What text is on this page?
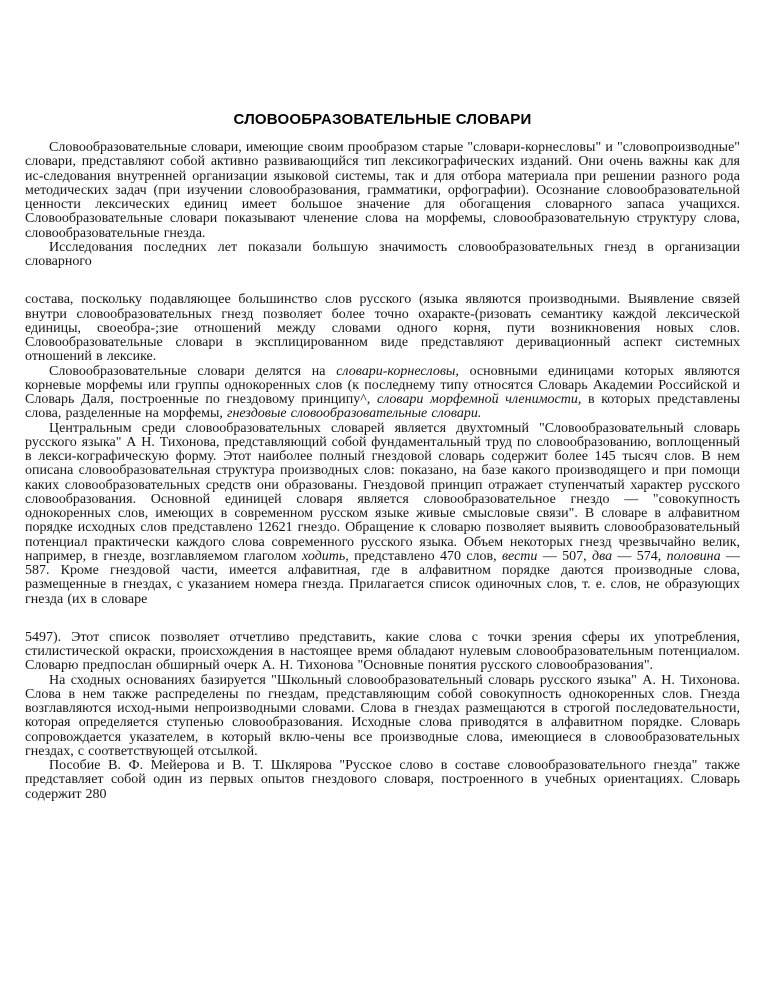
СЛОВООБРАЗОВАТЕЛЬНЫЕ СЛОВАРИ

Словообразовательные словари, имеющие своим прообразом старые "словари-корнесловы" и "словопроизводные" словари, представляют собой активно развивающийся тип лексикографических изданий. Они очень важны как для ис-следования внутренней организации языковой системы, так и для отбора материала при решении разного рода методических задач (при изучении словообразования, грамматики, орфографии). Осознание словообразовательной ценности лексических единиц имеет большое значение для обогащения словарного запаса учащихся. Словообразовательные словари показывают членение слова на морфемы, словообразовательную структуру слова, словообразовательные гнезда.

Исследования последних лет показали большую значимость словообразовательных гнезд в организации словарного

состава, поскольку подавляющее большинство слов русского (языка являются производными. Выявление связей внутри словообразовательных гнезд позволяет более точно охаракте-(ризовать семантику каждой лексической единицы, своеобра-;зие отношений между словами одного корня, пути возникновения новых слов. Словообразовательные словари в эксплицированном виде представляют деривационный аспект системных отношений в лексике.

Словообразовательные словари делятся на словари-корнесловы, основными единицами которых являются корневые морфемы или группы однокоренных слов (к последнему типу относятся Словарь Академии Российской и Словарь Даля, построенные по гнездовому принципу^, словари морфемной членимости, в которых представлены слова, разделенные на морфемы, гнездовые словообразовательные словари.

Центральным среди словообразовательных словарей является двухтомный "Словообразовательный словарь русского языка" А Н. Тихонова, представляющий собой фундаментальный труд по словообразованию, воплощенный в лекси-кографическую форму. Этот наиболее полный гнездовой словарь содержит более 145 тысяч слов. В нем описана словообразовательная структура производных слов: показано, на базе какого производящего и при помощи каких словообразовательных средств они образованы. Гнездовой принцип отражает ступенчатый характер русского словообразования. Основной единицей словаря является словообразовательное гнездо — "совокупность однокоренных слов, имеющих в современном русском языке живые смысловые связи". В словаре в алфавитном порядке исходных слов представлено 12621 гнездо. Обращение к словарю позволяет выявить словообразовательный потенциал практически каждого слова современного русского языка. Объем некоторых гнезд чрезвычайно велик, например, в гнезде, возглавляемом глаголом ходить, представлено 470 слов, вести — 507, два — 574, половина — 587. Кроме гнездовой части, имеется алфавитная, где в алфавитном порядке даются производные слова, размещенные в гнездах, с указанием номера гнезда. Прилагается список одиночных слов, т. е. слов, не образующих гнезда (их в словаре

5497). Этот список позволяет отчетливо представить, какие слова с точки зрения сферы их употребления, стилистической окраски, происхождения в настоящее время обладают нулевым словообразовательным потенциалом. Словарю предпослан обширный очерк А. Н. Тихонова "Основные понятия русского словообразования".

На сходных основаниях базируется "Школьный словообразовательный словарь русского языка" А. Н. Тихонова. Слова в нем также распределены по гнездам, представляющим собой совокупность однокоренных слов. Гнезда возглавляются исход-ными непроизводными словами. Слова в гнездах размещаются в строгой последовательности, которая определяется ступенью словообразования. Исходные слова приводятся в алфавитном порядке. Словарь сопровождается указателем, в который вклю-чены все производные слова, имеющиеся в словообразовательных гнездах, с соответствующей отсылкой.

Пособие В. Ф. Мейерова и В. Т. Шклярова "Русское слово в составе словообразовательного гнезда" также представляет собой один из первых опытов гнездового словаря, построенного в учебных ориентациях. Словарь содержит 280
